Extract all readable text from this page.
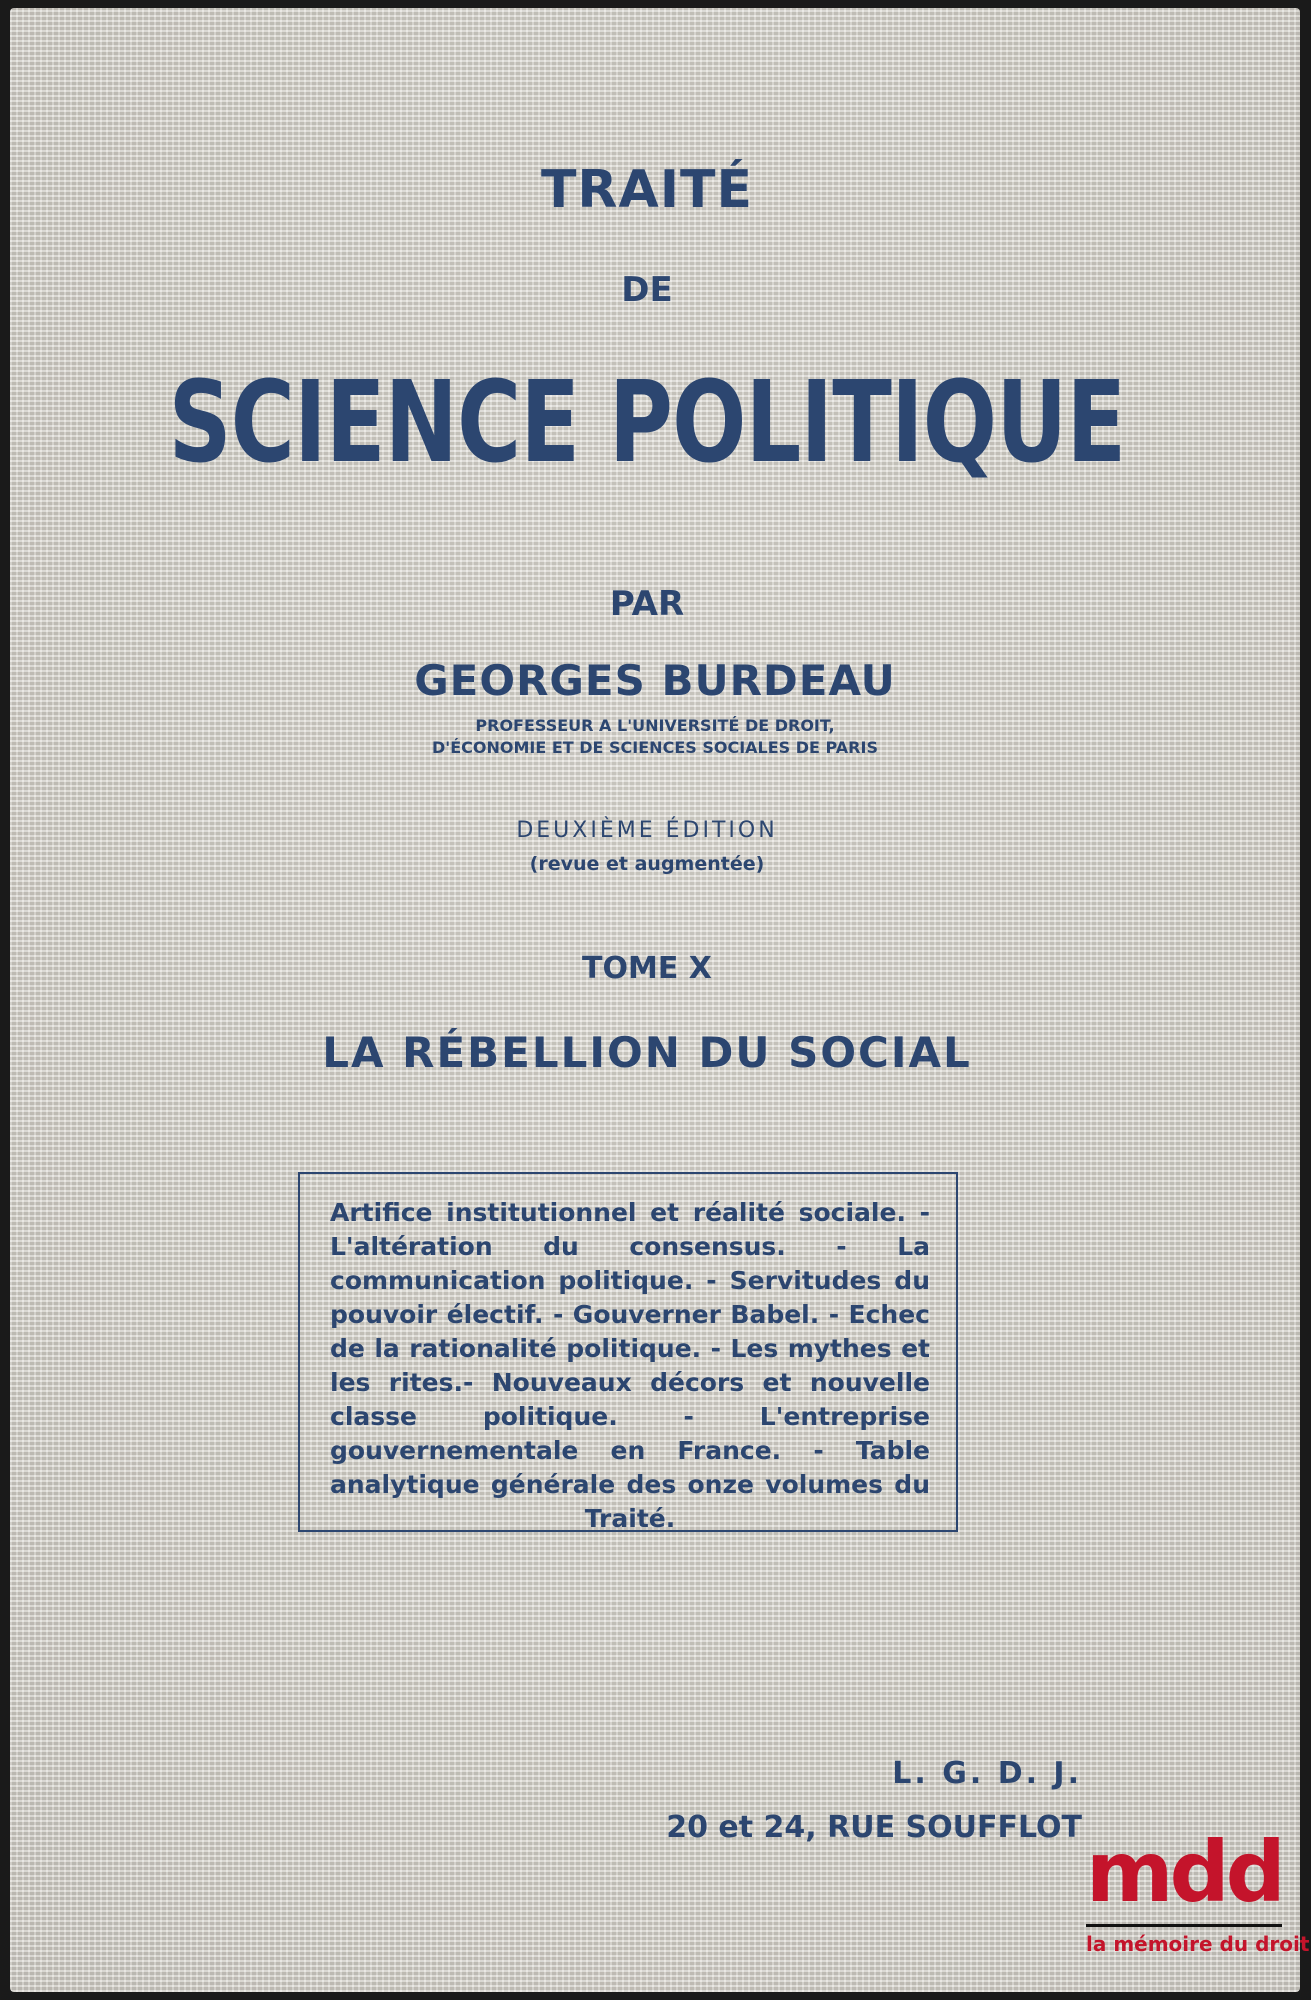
TRAITÉ

DE

SCIENCE POLITIQUE

PAR

GEORGES BURDEAU

PROFESSEUR A L'UNIVERSITÉ DE DROIT,

D'ÉCONOMIE ET DE SCIENCES SOCIALES DE PARIS

DEUXIÈME ÉDITION

(revue et augmentée)

TOME X

LA RÉBELLION DU SOCIAL

Artifice institutionnel et réalité sociale. - L'altération du consensus. - La communication politique. - Servitudes du pouvoir électif. - Gouverner Babel. - Echec de la rationalité politique. - Les mythes et les rites.- Nouveaux décors et nouvelle classe politique. - L'entreprise gouvernementale en France. - Table analytique générale des onze volumes du Traité.

L. G. D. J.

20 et 24, RUE SOUFFLOT mdd
la mémoire du droit
